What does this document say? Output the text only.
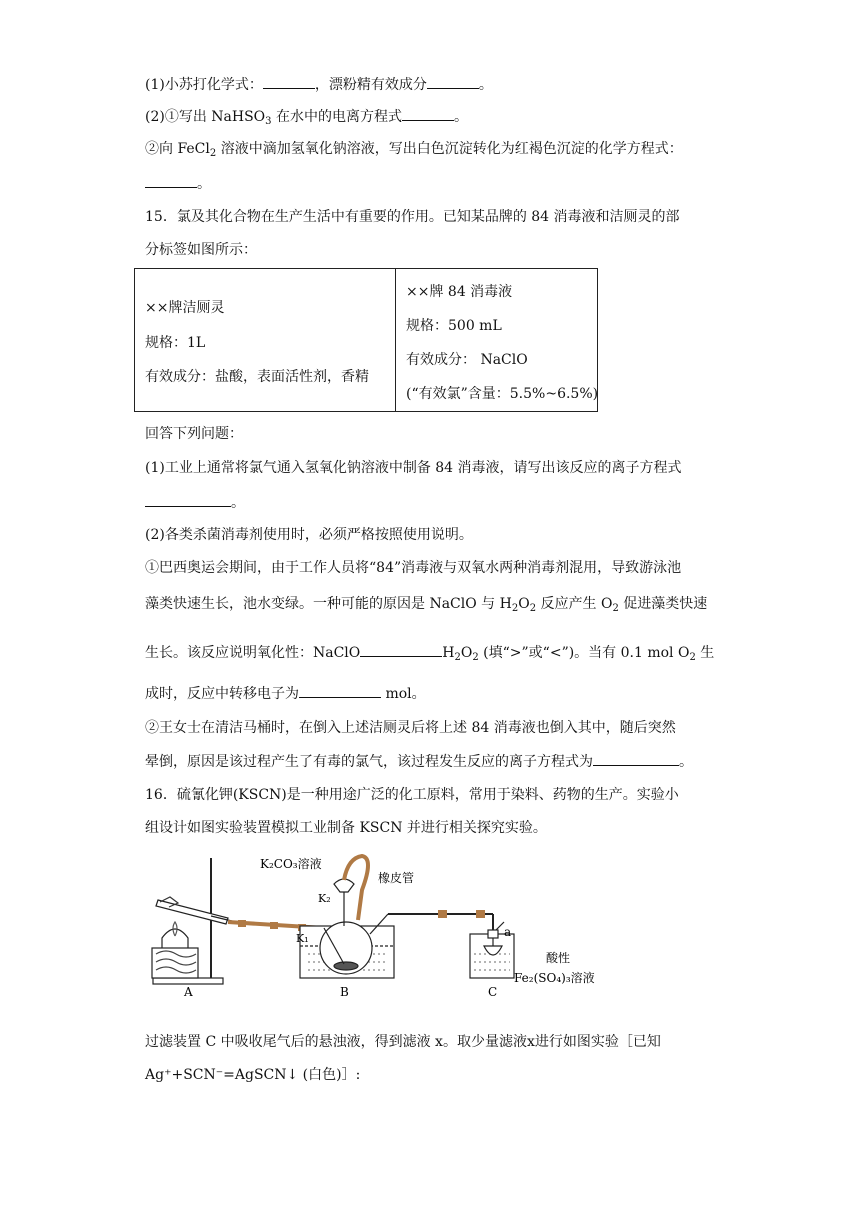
(1)小苏打化学式：	，漂粉精有效成分	。
(2)①写出 NaHSO$_3$ 在水中的电离方程式	。
②向 FeCl$_2$ 溶液中滴加氢氧化钠溶液，写出白色沉淀转化为红褐色沉淀的化学方程式：
。
15．氯及其化合物在生产生活中有重要的作用。已知某品牌的 84 消毒液和洁厕灵的部
分标签如图所示：
××牌洁厕灵
规格：1L
有效成分：盐酸，表面活性剂，香精
××牌 84 消毒液
规格：500 mL
有效成分： NaClO
(“有效氯”含量：5.5%~6.5%)
回答下列问题：
(1)工业上通常将氯气通入氢氧化钠溶液中制备 84 消毒液，请写出该反应的离子方程式
。
(2)各类杀菌消毒剂使用时，必须严格按照使用说明。
①巴西奥运会期间，由于工作人员将“84”消毒液与双氧水两种消毒剂混用，导致游泳池
藻类快速生长，池水变绿。一种可能的原因是 NaClO 与 $H_2O_2$ 反应产生 $O_2$ 促进藻类快速
生长。该反应说明氧化性：NaClO	$H_2O_2$ (填“>”或“<”)。当有 0.1 mol $O_2$ 生
成时，反应中转移电子为	mol。
②王女士在清洁马桶时，在倒入上述洁厕灵后将上述 84 消毒液也倒入其中，随后突然
晕倒，原因是该过程产生了有毒的氯气，该过程发生反应的离子方程式为	。
16．硫氰化钾(KSCN)是一种用途广泛的化工原料，常用于染料、药物的生产。实验小
组设计如图实验装置模拟工业制备 KSCN 并进行相关探究实验。
K₂CO₃溶液
橡皮管
K₂
K₁	a
酸性
Fe₂(SO₄)₃溶液
A	B	C
过滤装置 C 中吸收尾气后的悬浊液，得到滤液 x。取少量滤液x进行如图实验［已知
Ag⁺+SCN⁻=AgSCN↓ (白色)］:
